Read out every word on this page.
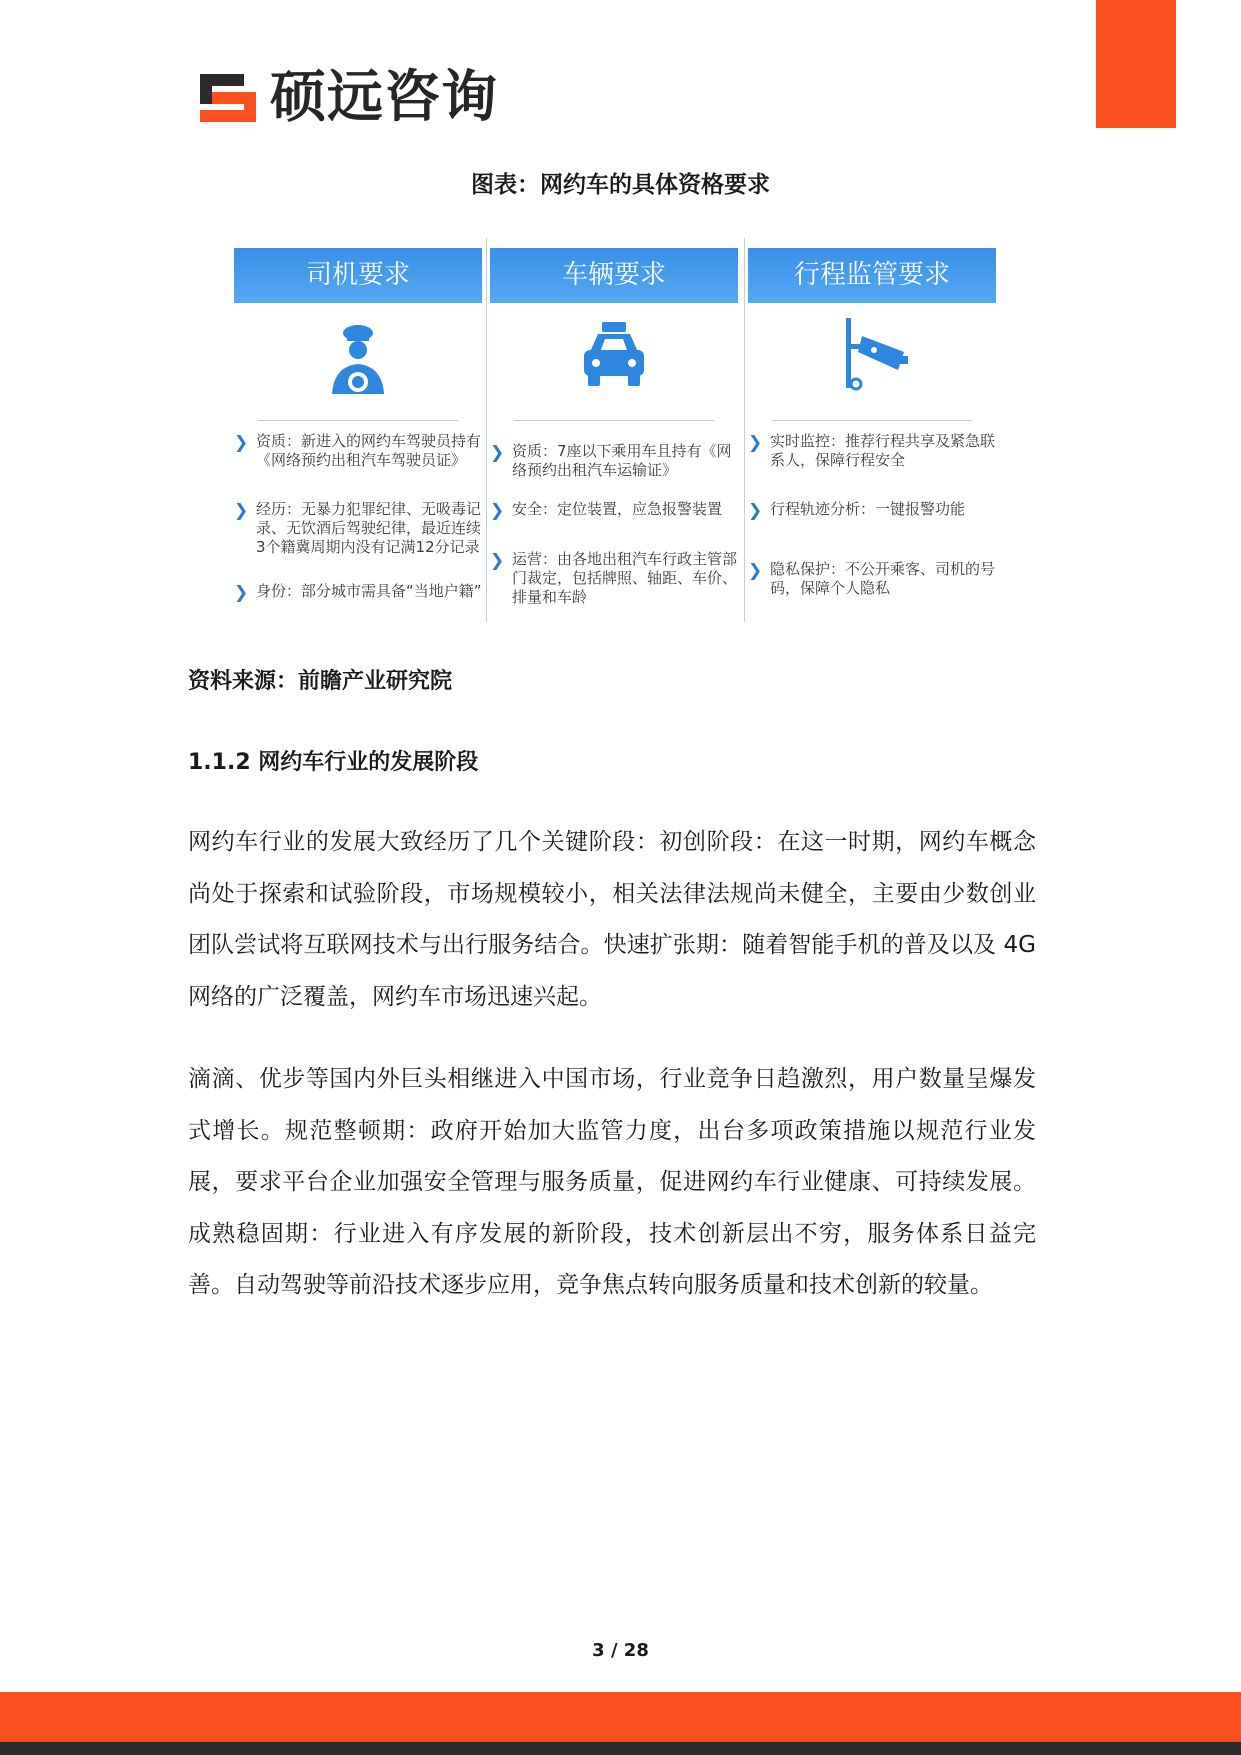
硕远咨询
图表：网约车的具体资格要求
司机要求
❯ 资质：新进入的网约车驾驶员持有《网络预约出租汽车驾驶员证》
❯ 经历：无暴力犯罪纪律、无吸毒记录、无饮酒后驾驶纪律，最近连续3个籍冀周期内没有记满12分记录
❯ 身份：部分城市需具备“当地户籍”
车辆要求
❯ 资质：7座以下乘用车且持有《网络预约出租汽车运输证》
❯ 安全：定位装置，应急报警装置
❯ 运营：由各地出租汽车行政主管部门裁定，包括牌照、轴距、车价、排量和车龄
行程监管要求
❯ 实时监控：推荐行程共享及紧急联系人，保障行程安全
❯ 行程轨迹分析：一键报警功能
❯ 隐私保护：不公开乘客、司机的号码，保障个人隐私
资料来源：前瞻产业研究院
1.1.2 网约车行业的发展阶段

网约车行业的发展大致经历了几个关键阶段：初创阶段：在这一时期，网约车概念尚处于探索和试验阶段，市场规模较小，相关法律法规尚未健全，主要由少数创业团队尝试将互联网技术与出行服务结合。快速扩张期：随着智能手机的普及以及 4G 网络的广泛覆盖，网约车市场迅速兴起。

滴滴、优步等国内外巨头相继进入中国市场，行业竞争日趋激烈，用户数量呈爆发式增长。规范整顿期：政府开始加大监管力度，出台多项政策措施以规范行业发展，要求平台企业加强安全管理与服务质量，促进网约车行业健康、可持续发展。成熟稳固期：行业进入有序发展的新阶段，技术创新层出不穷，服务体系日益完善。自动驾驶等前沿技术逐步应用，竞争焦点转向服务质量和技术创新的较量。

3 / 28
